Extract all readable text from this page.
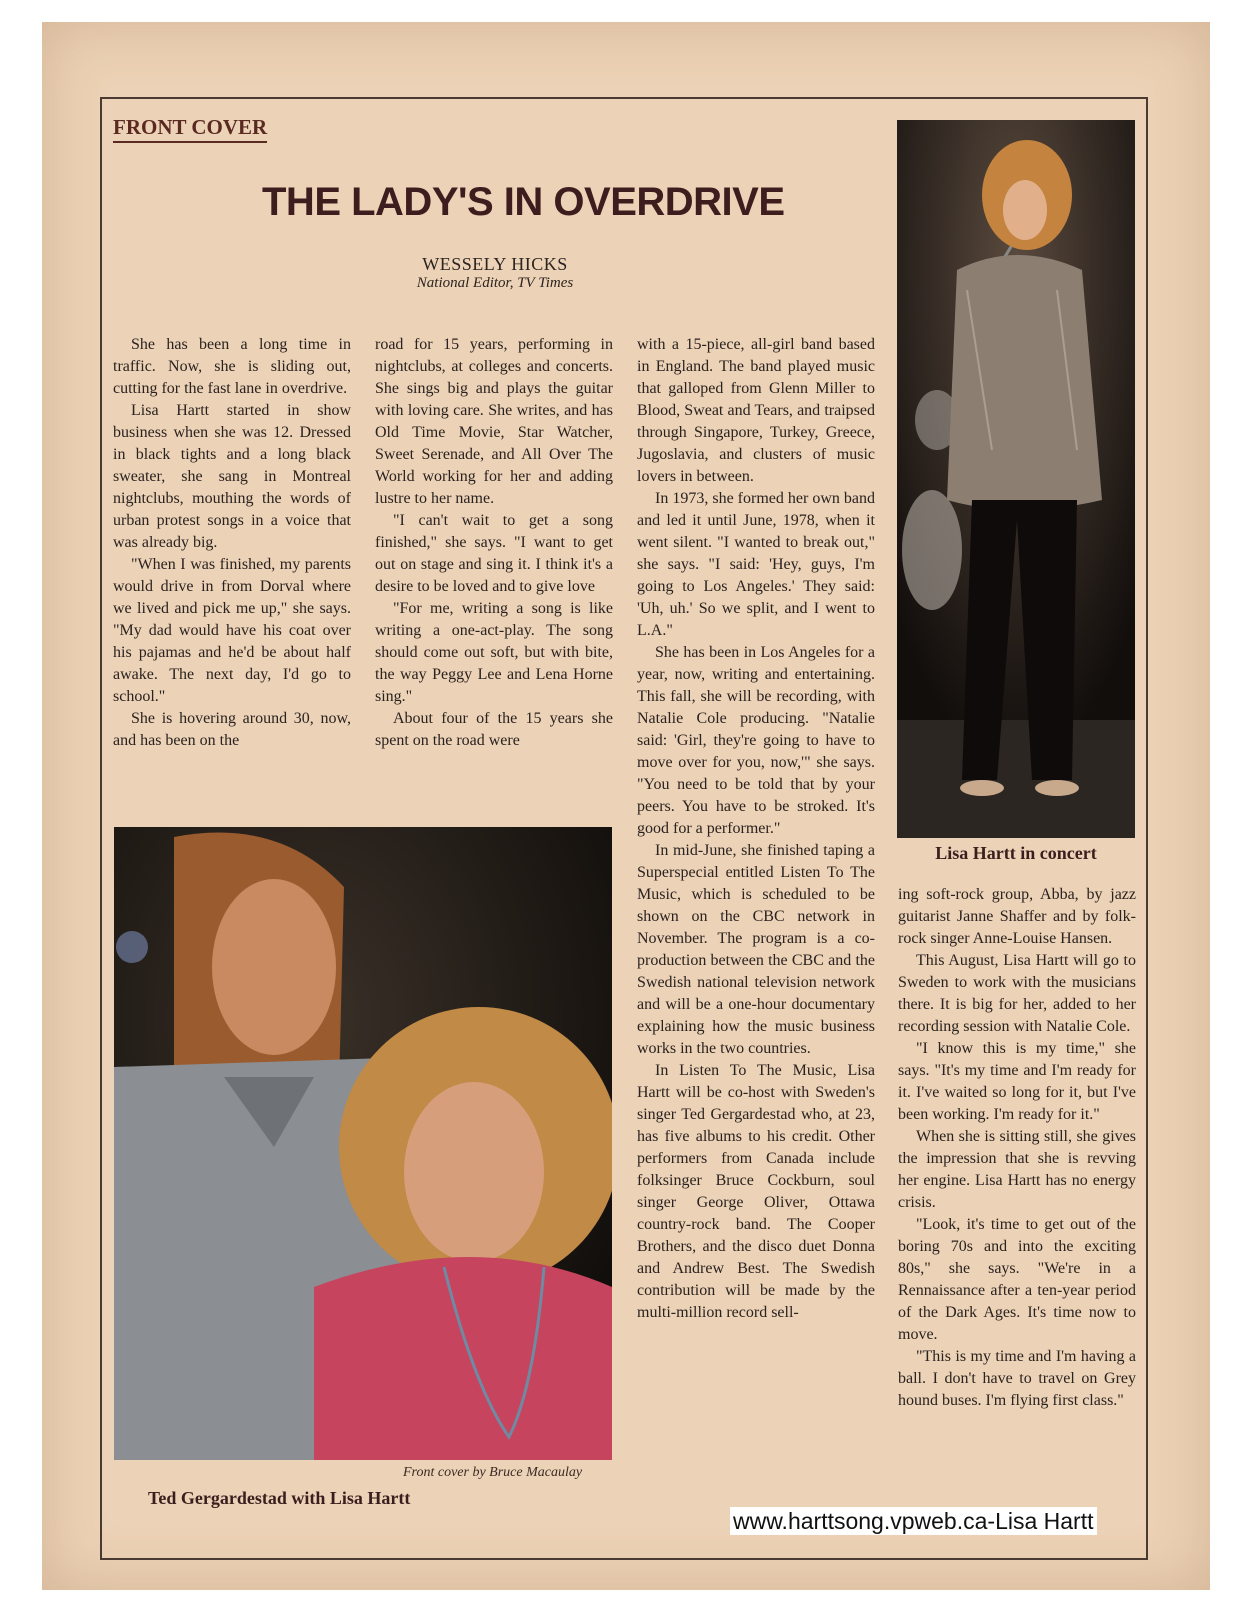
FRONT COVER
THE LADY'S IN OVERDRIVE
WESSELY HICKS
National Editor, TV Times

She has been a long time in traffic. Now, she is sliding out, cutting for the fast lane in overdrive.

Lisa Hartt started in show business when she was 12. Dressed in black tights and a long black sweater, she sang in Montreal nightclubs, mouthing the words of urban protest songs in a voice that was already big.

"When I was finished, my parents would drive in from Dorval where we lived and pick me up," she says. "My dad would have his coat over his pajamas and he'd be about half awake. The next day, I'd go to school."

She is hovering around 30, now, and has been on the

road for 15 years, performing in nightclubs, at colleges and concerts. She sings big and plays the guitar with loving care. She writes, and has Old Time Movie, Star Watcher, Sweet Serenade, and All Over The World working for her and adding lustre to her name.

"I can't wait to get a song finished," she says. "I want to get out on stage and sing it. I think it's a desire to be loved and to give love

"For me, writing a song is like writing a one-act-play. The song should come out soft, but with bite, the way Peggy Lee and Lena Horne sing."

About four of the 15 years she spent on the road were

with a 15-piece, all-girl band based in England. The band played music that galloped from Glenn Miller to Blood, Sweat and Tears, and traipsed through Singapore, Turkey, Greece, Jugoslavia, and clusters of music lovers in between.

In 1973, she formed her own band and led it until June, 1978, when it went silent. "I wanted to break out," she says. "I said: 'Hey, guys, I'm going to Los Angeles.' They said: 'Uh, uh.' So we split, and I went to L.A."

She has been in Los Angeles for a year, now, writing and entertaining. This fall, she will be recording, with Natalie Cole producing. "Natalie said: 'Girl, they're going to have to move over for you, now,'" she says. "You need to be told that by your peers. You have to be stroked. It's good for a performer."

In mid-June, she finished taping a Superspecial entitled Listen To The Music, which is scheduled to be shown on the CBC network in November. The program is a co-production between the CBC and the Swedish national television network and will be a one-hour documentary explaining how the music business works in the two countries.

In Listen To The Music, Lisa Hartt will be co-host with Sweden's singer Ted Gergardestad who, at 23, has five albums to his credit. Other performers from Canada include folksinger Bruce Cockburn, soul singer George Oliver, Ottawa country-rock band. The Cooper Brothers, and the disco duet Donna and Andrew Best. The Swedish contribution will be made by the multi-million record sell-

ing soft-rock group, Abba, by jazz guitarist Janne Shaffer and by folk-rock singer Anne-Louise Hansen.

This August, Lisa Hartt will go to Sweden to work with the musicians there. It is big for her, added to her recording session with Natalie Cole.

"I know this is my time," she says. "It's my time and I'm ready for it. I've waited so long for it, but I've been working. I'm ready for it."

When she is sitting still, she gives the impression that she is revving her engine. Lisa Hartt has no energy crisis.

"Look, it's time to get out of the boring 70s and into the exciting 80s," she says. "We're in a Rennaissance after a ten-year period of the Dark Ages. It's time now to move.

"This is my time and I'm having a ball. I don't have to travel on Grey hound buses. I'm flying first class."

Lisa Hartt in concert
Front cover by Bruce Macaulay
Ted Gergardestad with Lisa Hartt
www.harttsong.vpweb.ca-Lisa Hartt
